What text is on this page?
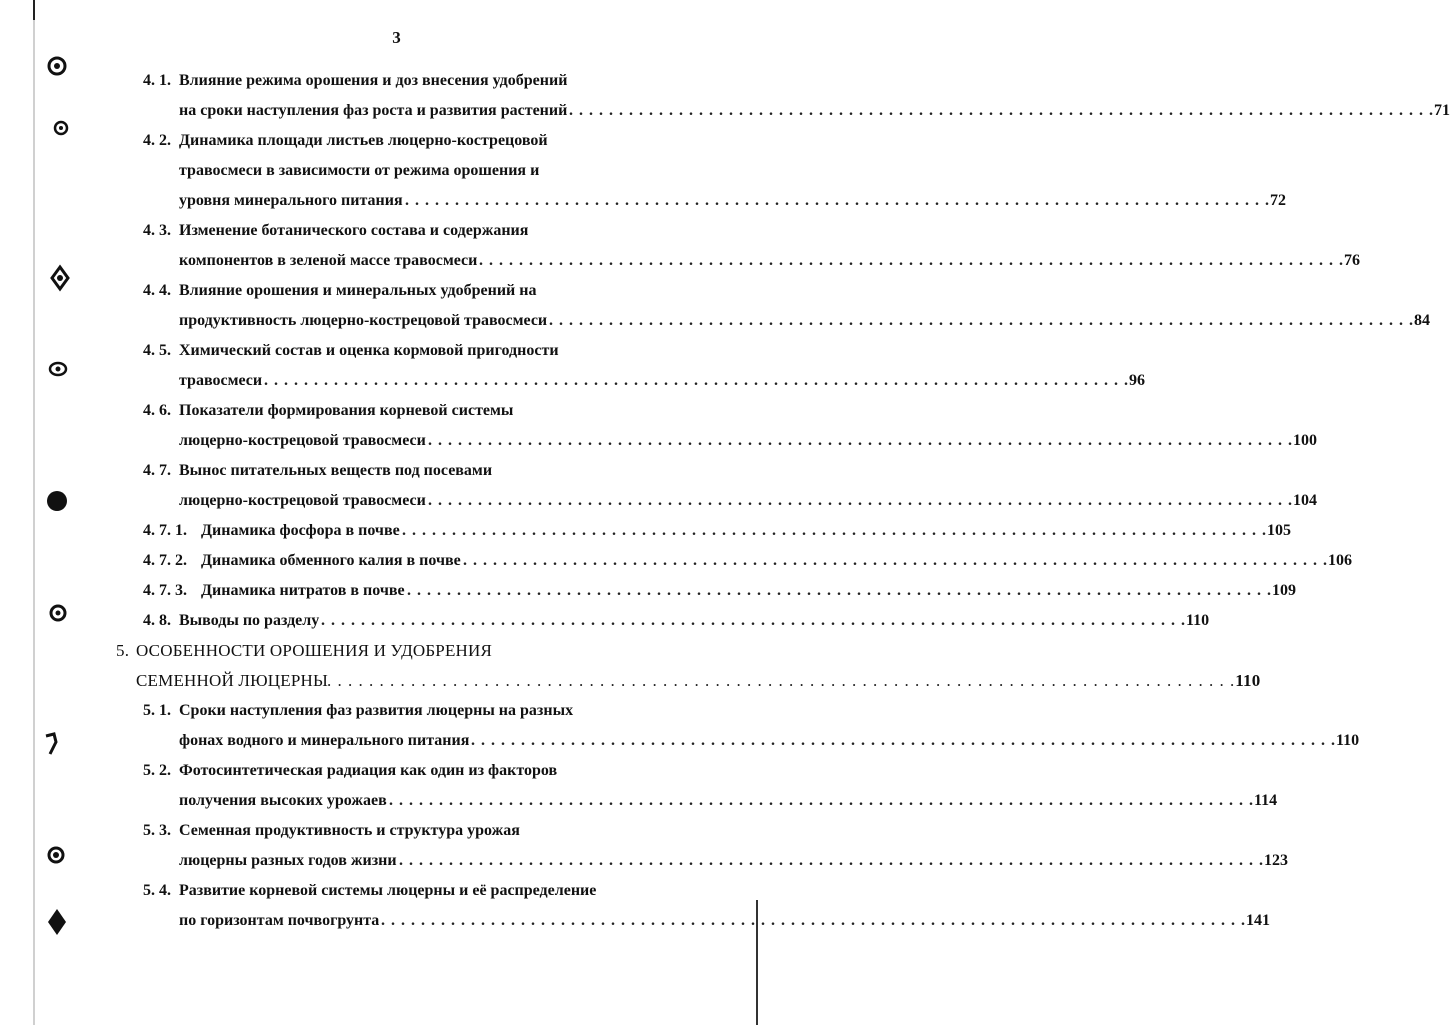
3
4. 1. Влияние режима орошения и доз внесения удобрений
на сроки наступления фаз роста и развития растений . . . . . . . . . . . . . . . . . . . . . . . . . . . . . . . . . . . . . . . . . . . . . . . . . . . . . . . . . . . . . . . . . . . . . . . . . . . . . . . . . . . . . . . 71
4. 2. Динамика площади листьев люцерно-кострецовой
травосмеси в зависимости от режима орошения и
уровня минерального питания . . . . . . . . . . . . . . . . . . . . . . . . . . . . . . . . . . . . . . . . . . . . . . . . . . . . . . . . . . . . . . . . . . . . . . . . . . . . . . . . . . . . . . . 72
4. 3. Изменение ботанического состава и содержания
компонентов в зеленой массе травосмеси . . . . . . . . . . . . . . . . . . . . . . . . . . . . . . . . . . . . . . . . . . . . . . . . . . . . . . . . . . . . . . . . . . . . . . . . . . . . . . . . . . . . . . . 76
4. 4. Влияние орошения и минеральных удобрений на
продуктивность люцерно-кострецовой травосмеси . . . . . . . . . . . . . . . . . . . . . . . . . . . . . . . . . . . . . . . . . . . . . . . . . . . . . . . . . . . . . . . . . . . . . . . . . . . . . . . . . . . . . . . 84
4. 5. Химический состав и оценка кормовой пригодности
травосмеси . . . . . . . . . . . . . . . . . . . . . . . . . . . . . . . . . . . . . . . . . . . . . . . . . . . . . . . . . . . . . . . . . . . . . . . . . . . . . . . . . . . . . . . 96
4. 6. Показатели формирования корневой системы
люцерно-кострецовой травосмеси . . . . . . . . . . . . . . . . . . . . . . . . . . . . . . . . . . . . . . . . . . . . . . . . . . . . . . . . . . . . . . . . . . . . . . . . . . . . . . . . . . . . . . . 100
4. 7. Вынос питательных веществ под посевами
люцерно-кострецовой травосмеси . . . . . . . . . . . . . . . . . . . . . . . . . . . . . . . . . . . . . . . . . . . . . . . . . . . . . . . . . . . . . . . . . . . . . . . . . . . . . . . . . . . . . . . 104
4. 7. 1. Динамика фосфора в почве . . . . . . . . . . . . . . . . . . . . . . . . . . . . . . . . . . . . . . . . . . . . . . . . . . . . . . . . . . . . . . . . . . . . . . . . . . . . . . . . . . . . . . . 105
4. 7. 2. Динамика обменного калия в почве . . . . . . . . . . . . . . . . . . . . . . . . . . . . . . . . . . . . . . . . . . . . . . . . . . . . . . . . . . . . . . . . . . . . . . . . . . . . . . . . . . . . . . . 106
4. 7. 3. Динамика нитратов в почве . . . . . . . . . . . . . . . . . . . . . . . . . . . . . . . . . . . . . . . . . . . . . . . . . . . . . . . . . . . . . . . . . . . . . . . . . . . . . . . . . . . . . . . 109
4. 8. Выводы по разделу . . . . . . . . . . . . . . . . . . . . . . . . . . . . . . . . . . . . . . . . . . . . . . . . . . . . . . . . . . . . . . . . . . . . . . . . . . . . . . . . . . . . . . . 110
5. ОСОБЕННОСТИ ОРОШЕНИЯ И УДОБРЕНИЯ
СЕМЕННОЙ ЛЮЦЕРНЫ
. . . . . . . . . . . . . . . . . . . . . . . . . . . . . . . . . . . . . . . . . . . . . . . . . . . . . . . . . . . . . . . . . . . . . . . . . . . . . . . . . . . . . . . 110
5. 1. Сроки наступления фаз развития люцерны на разных
фонах водного и минерального питания . . . . . . . . . . . . . . . . . . . . . . . . . . . . . . . . . . . . . . . . . . . . . . . . . . . . . . . . . . . . . . . . . . . . . . . . . . . . . . . . . . . . . . . 110
5. 2. Фотосинтетическая радиация как один из факторов
получения высоких урожаев . . . . . . . . . . . . . . . . . . . . . . . . . . . . . . . . . . . . . . . . . . . . . . . . . . . . . . . . . . . . . . . . . . . . . . . . . . . . . . . . . . . . . . . 114
5. 3. Семенная продуктивность и структура урожая
люцерны разных годов жизни . . . . . . . . . . . . . . . . . . . . . . . . . . . . . . . . . . . . . . . . . . . . . . . . . . . . . . . . . . . . . . . . . . . . . . . . . . . . . . . . . . . . . . . 123
5. 4. Развитие корневой системы люцерны и её распределение
по горизонтам почвогрунта . . . . . . . . . . . . . . . . . . . . . . . . . . . . . . . . . . . . . . . . . . . . . . . . . . . . . . . . . . . . . . . . . . . . . . . . . . . . . . . . . . . . . . . 141
